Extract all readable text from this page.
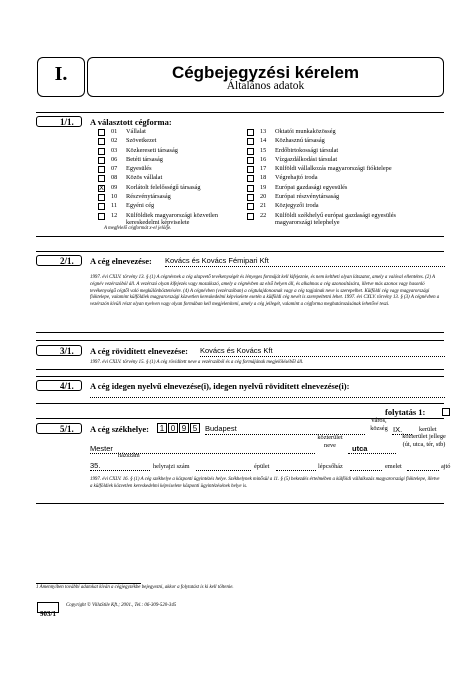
I.	Cégbejegyzési kérelem
Általános adatok
1/1. A választott cégforma:
01	Vállalat
02	Szövetkezet
03	Közkereseti társaság
06	Betéti társaság
07	Egyesülés
08	Közös vállalat
X 09	Korlátolt felelősségű társaság
10	Részvénytársaság
11	Egyéni cég
12	Külföldiek magyarországi közvetlen kereskedelmi képviselete
13	Oktatói munkaközösség
14	Közhasznú társaság
15	Erdőbirtokossági társulat
16	Vízgazdálkodási társulat
17	Külföldi vállalkozás magyarországi fióktelepe
18	Végrehajtó iroda
19	Európai gazdasági egyesülés
20	Európai részvénytársaság
21	Közjegyzői iroda
22	Külföldi székhelyű európai gazdasági egyesülés magyarországi telephelye
A megfelelő cégformát x-el jelölje.
2/1. A cég elnevezése: Kovács és Kovács Fémipari Kft
1997. évi CXLV. törvény 13. § (1) A cégnévnek a cég alapvető tevékenységét és lényeges formáját kell kifejeznie, és nem keltheti olyan látszatot, amely a valóval ellentétes. (2) A cégnév vezérszóból áll. A vezérszó olyan kifejezés vagy mozaikszó, amely a cégnévben az első helyen áll, és alkalmas a cég azonosítására, illetve más azonos vagy hasonló tevékenységű cégtől való megkülönböztetésére. (4) A cégnévben (vezérszóban) a cégtulajdonosnak vagy a cég tagjainak neve is szerepelhet. Külföldi cég vagy magyarországi fióktelepe, valamint külföldiek magyarországi közvetlen kereskedelmi képviselete esetén a külföldi cég nevét is szerepeltetni lehet. 1997. évi CXLV. törvény 13. § (3) A cégnévben a vezérszón kívüli részt olyan nyelven vagy olyan formában kell megjeleníteni, amely a cég jellegét, valamint a cégforma meghatározásának lehetővé teszi.
3/1. A cég rövidített elnevezése: Kovács és Kovács Kft
1997. évi CXLV. törvény 15. § (1) A cég rövidített neve a vezérszóból és a cég formájának megjelöléséből áll.
4/1. A cég idegen nyelvű elnevezése(i), idegen nyelvű rövidített elnevezése(i):
folytatás 1:
5/1. A cég székhelye:	1 0 9 5	Budapest
város, község IX.	kerület
Mester
közterület neve	utca
közterület jellege (út, utca, tér, stb)
házszám
35.	helyrajzi szám	épület	lépcsőház	emelet	ajtó
1997. évi CXLV. 16. § (1) A cég székhelye a központi ügyintézés helye. Székhelynek minősül a 11. § (5) bekezdés értelmében a külföldi vállalkozás magyarországi fióktelepe, illetve a külföldiek közvetlen kereskedelmi képviselete központi ügyintézésének helye is.
1 Amennyiben további adatokat kíván a cégjegyzékbe bejegyezni, akkor a folytatást is ki kell töltenie.
903/1
Copyright © VillaStile Kft.; 2001., Tel.: 06-309-520-345
